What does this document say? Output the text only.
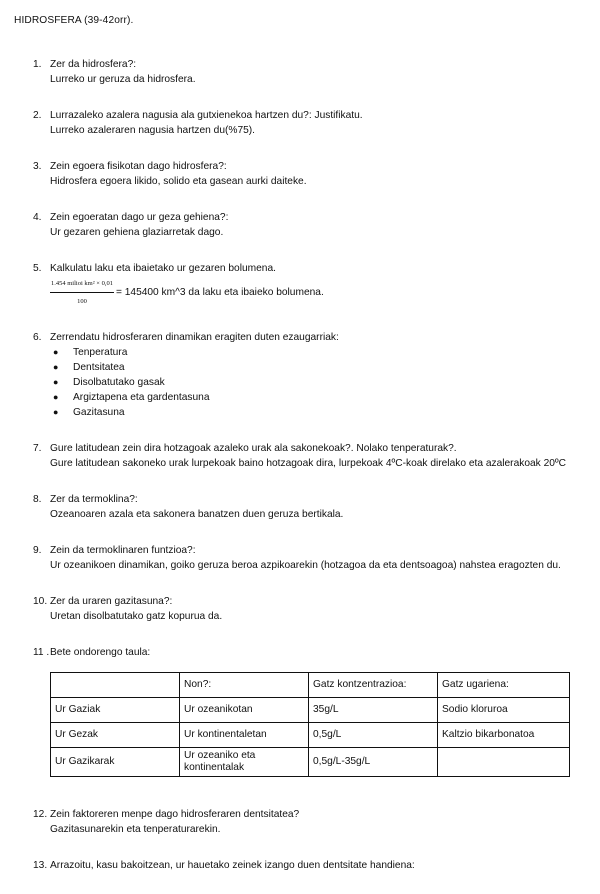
HIDROSFERA (39-42orr).
1. Zer da hidrosfera?:
Lurreko ur geruza da hidrosfera.
2. Lurrazaleko azalera nagusia ala gutxienekoa hartzen du?: Justifikatu.
Lurreko azaleraren nagusia hartzen du(%75).
3. Zein egoera fisikotan dago hidrosfera?:
Hidrosfera egoera likido, solido eta gasean aurki daiteke.
4. Zein egoeratan dago ur geza gehiena?:
Ur gezaren gehiena glaziarretak dago.
5. Kalkulatu laku eta ibaietako ur gezaren bolumena.
$\frac{\text{1.454 milioi km² × 0,01}}{100} = 145400$ km^3 da laku eta ibaieko bolumena.
6. Zerrendatu hidrosferaren dinamikan eragiten duten ezaugarriak:
●	Tenperatura
●	Dentsitatea
●	Disolbatutako gasak
●	Argiztapena eta gardentasuna
●	Gazitasuna
7. Gure latitudean zein dira hotzagoak azaleko urak ala sakonekoak?. Nolako tenperaturak?.
Gure latitudean sakoneko urak lurpekoak baino hotzagoak dira, lurpekoak 4ºC-koak direlako eta azalerakoak 20ºC
8. Zer da termoklina?:
Ozeanoaren azala eta sakonera banatzen duen geruza bertikala.
9. Zein da termoklinaren funtzioa?:
Ur ozeanikoen dinamikan, goiko geruza beroa azpikoarekin (hotzagoa da eta dentsoagoa) nahstea eragozten du.
10. Zer da uraren gazitasuna?:
Uretan disolbatutako gatz kopurua da.
11 . Bete ondorengo taula:
	Non?:	Gatz kontzentrazioa:	Gatz ugariena:
Ur Gaziak	Ur ozeanikotan	35g/L	Sodio kloruroa
Ur Gezak	Ur kontinentaletan	0,5g/L	Kaltzio bikarbonatoa
Ur Gazikarak	Ur ozeaniko eta kontinentalak	0,5g/L-35g/L	
12. Zein faktoreren menpe dago hidrosferaren dentsitatea?
Gazitasunarekin eta tenperaturarekin.
13. Arrazoitu, kasu bakoitzean, ur hauetako zeinek izango duen dentsitate handiena:
